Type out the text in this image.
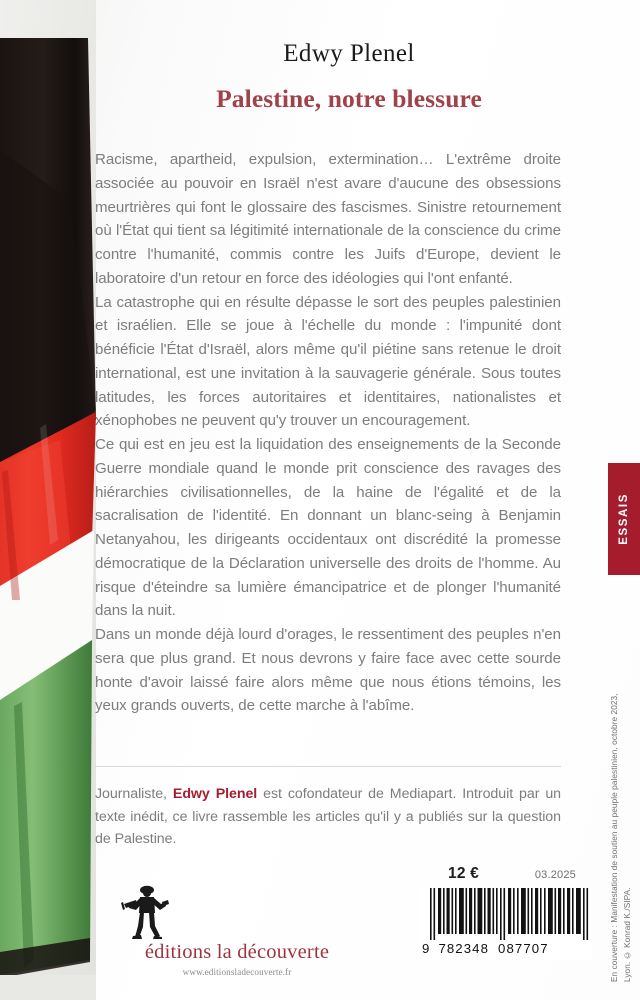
Edwy Plenel
Palestine, notre blessure

Racisme, apartheid, expulsion, extermination… L'extrême droite associée au pouvoir en Israël n'est avare d'aucune des obsessions meurtrières qui font le glossaire des fascismes. Sinistre retournement où l'État qui tient sa légitimité internationale de la conscience du crime contre l'humanité, commis contre les Juifs d'Europe, devient le laboratoire d'un retour en force des idéologies qui l'ont enfanté.

La catastrophe qui en résulte dépasse le sort des peuples palestinien et israélien. Elle se joue à l'échelle du monde : l'impunité dont bénéficie l'État d'Israël, alors même qu'il piétine sans retenue le droit international, est une invitation à la sauvagerie générale. Sous toutes latitudes, les forces autoritaires et identitaires, nationalistes et xénophobes ne peuvent qu'y trouver un encouragement.

Ce qui est en jeu est la liquidation des enseignements de la Seconde Guerre mondiale quand le monde prit conscience des ravages des hiérarchies civilisationnelles, de la haine de l'égalité et de la sacralisation de l'identité. En donnant un blanc-seing à Benjamin Netanyahou, les dirigeants occidentaux ont discrédité la promesse démocratique de la Déclaration universelle des droits de l'homme. Au risque d'éteindre sa lumière émancipatrice et de plonger l'humanité dans la nuit.

Dans un monde déjà lourd d'orages, le ressentiment des peuples n'en sera que plus grand. Et nous devrons y faire face avec cette sourde honte d'avoir laissé faire alors même que nous étions témoins, les yeux grands ouverts, de cette marche à l'abîme.

Journaliste, Edwy Plenel est cofondateur de Mediapart. Introduit par un texte inédit, ce livre rassemble les articles qu'il y a publiés sur la question de Palestine.

éditions la découverte
www.editionsladecouverte.fr
12 €	03.2025
9 782348 087707
ESSAIS
En couverture : Manifestation de soutien au peuple palestinien, octobre 2023, Lyon. © Konrad K./SIPA.
